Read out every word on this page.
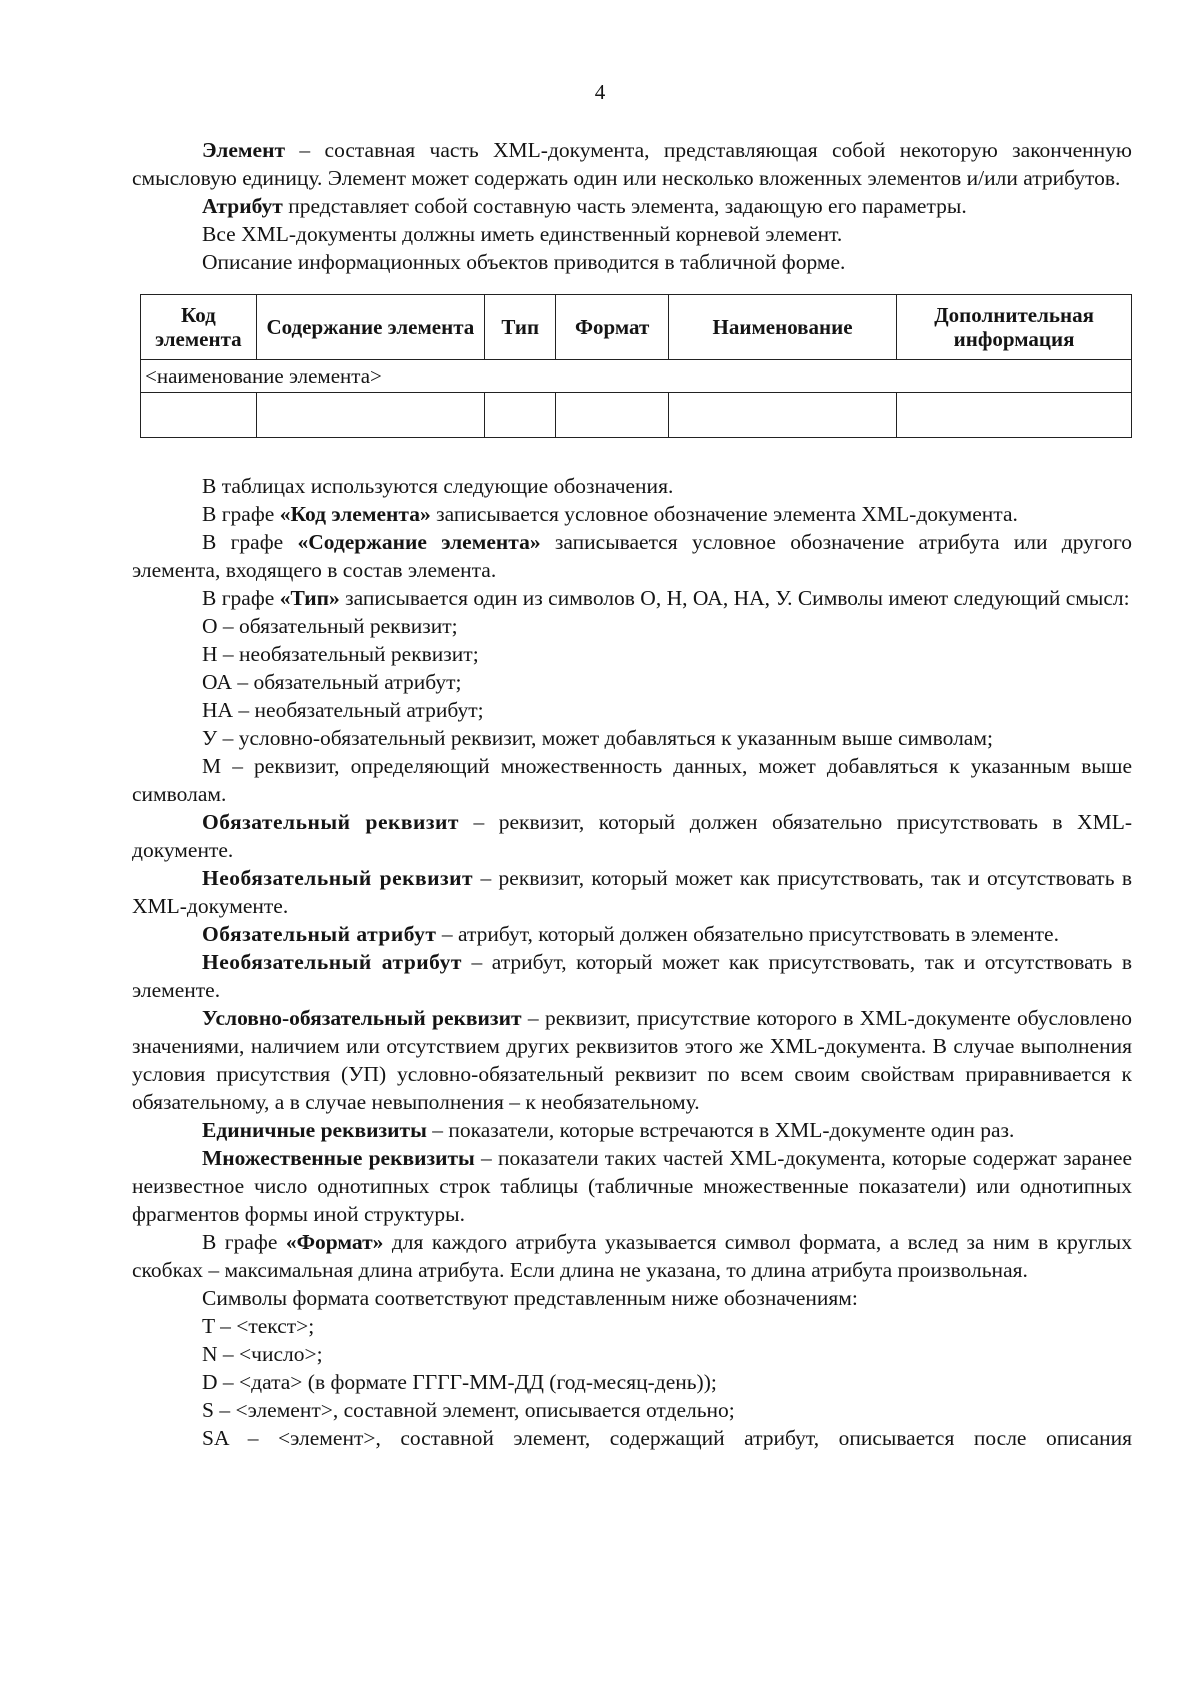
4

Элемент – составная часть XML-документа, представляющая собой некоторую законченную смысловую единицу. Элемент может содержать один или несколько вложенных элементов и/или атрибутов.

Атрибут представляет собой составную часть элемента, задающую его параметры.

Все XML-документы должны иметь единственный корневой элемент.

Описание информационных объектов приводится в табличной форме.

Код элемента	Содержание элемента	Тип	Формат	Наименование	Дополнительная информация
<наименование элемента>					

В таблицах используются следующие обозначения.

В графе «Код элемента» записывается условное обозначение элемента XML-документа.

В графе «Содержание элемента» записывается условное обозначение атрибута или другого элемента, входящего в состав элемента.

В графе «Тип» записывается один из символов О, Н, ОА, НА, У. Символы имеют следующий смысл:

О – обязательный реквизит;

Н – необязательный реквизит;

ОА – обязательный атрибут;

НА – необязательный атрибут;

У – условно-обязательный реквизит, может добавляться к указанным выше символам;

М – реквизит, определяющий множественность данных, может добавляться к указанным выше символам.

Обязательный реквизит – реквизит, который должен обязательно присутствовать в XML-документе.

Необязательный реквизит – реквизит, который может как присутствовать, так и отсутствовать в XML-документе.

Обязательный атрибут – атрибут, который должен обязательно присутствовать в элементе.

Необязательный атрибут – атрибут, который может как присутствовать, так и отсутствовать в элементе.

Условно-обязательный реквизит – реквизит, присутствие которого в XML-документе обусловлено значениями, наличием или отсутствием других реквизитов этого же XML-документа. В случае выполнения условия присутствия (УП) условно-обязательный реквизит по всем своим свойствам приравнивается к обязательному, а в случае невыполнения – к необязательному.

Единичные реквизиты – показатели, которые встречаются в XML-документе один раз.

Множественные реквизиты – показатели таких частей XML-документа, которые содержат заранее неизвестное число однотипных строк таблицы (табличные множественные показатели) или однотипных фрагментов формы иной структуры.

В графе «Формат» для каждого атрибута указывается символ формата, а вслед за ним в круглых скобках – максимальная длина атрибута. Если длина не указана, то длина атрибута произвольная.

Символы формата соответствуют представленным ниже обозначениям:

T – <текст>;

N – <число>;

D – <дата> (в формате ГГГГ-ММ-ДД (год-месяц-день));

S – <элемент>, составной элемент, описывается отдельно;

SA – <элемент>, составной элемент, содержащий атрибут, описывается после описания
